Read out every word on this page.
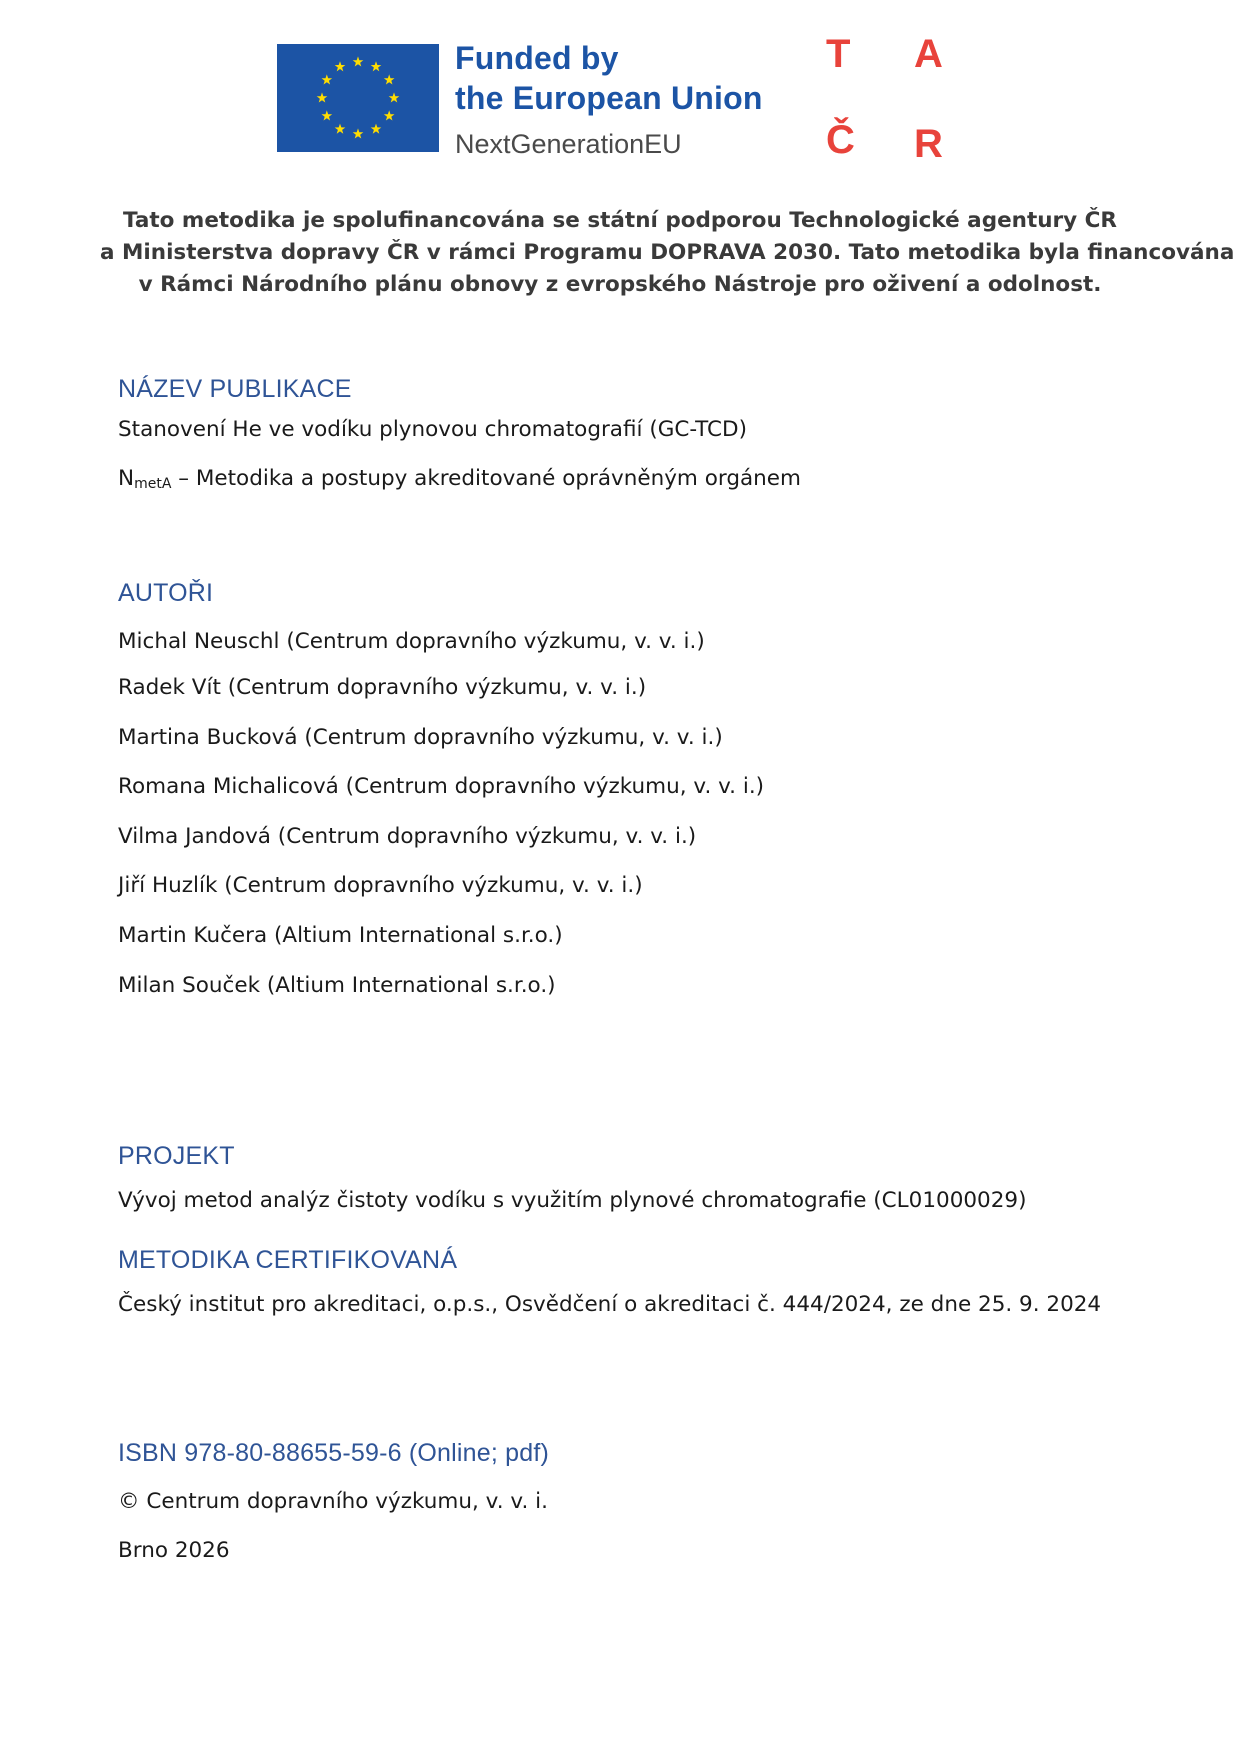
Funded by
the European Union
NextGenerationEU
T A
Č R
Tato metodika je spolufinancována se státní podporou Technologické agentury ČR
a Ministerstva dopravy ČR v rámci Programu DOPRAVA 2030. Tato metodika byla financována
v Rámci Národního plánu obnovy z evropského Nástroje pro oživení a odolnost.
NÁZEV PUBLIKACE
Stanovení He ve vodíku plynovou chromatografií (GC-TCD)
$N_{metA}$ – Metodika a postupy akreditované oprávněným orgánem
AUTOŘI
Michal Neuschl (Centrum dopravního výzkumu, v. v. i.)
Radek Vít (Centrum dopravního výzkumu, v. v. i.)
Martina Bucková (Centrum dopravního výzkumu, v. v. i.)
Romana Michalicová (Centrum dopravního výzkumu, v. v. i.)
Vilma Jandová (Centrum dopravního výzkumu, v. v. i.)
Jiří Huzlík (Centrum dopravního výzkumu, v. v. i.)
Martin Kučera (Altium International s.r.o.)
Milan Souček (Altium International s.r.o.)
PROJEKT
Vývoj metod analýz čistoty vodíku s využitím plynové chromatografie (CL01000029)
METODIKA CERTIFIKOVANÁ
Český institut pro akreditaci, o.p.s., Osvědčení o akreditaci č. 444/2024, ze dne 25. 9. 2024
ISBN 978-80-88655-59-6 (Online; pdf)
© Centrum dopravního výzkumu, v. v. i.
Brno 2026
